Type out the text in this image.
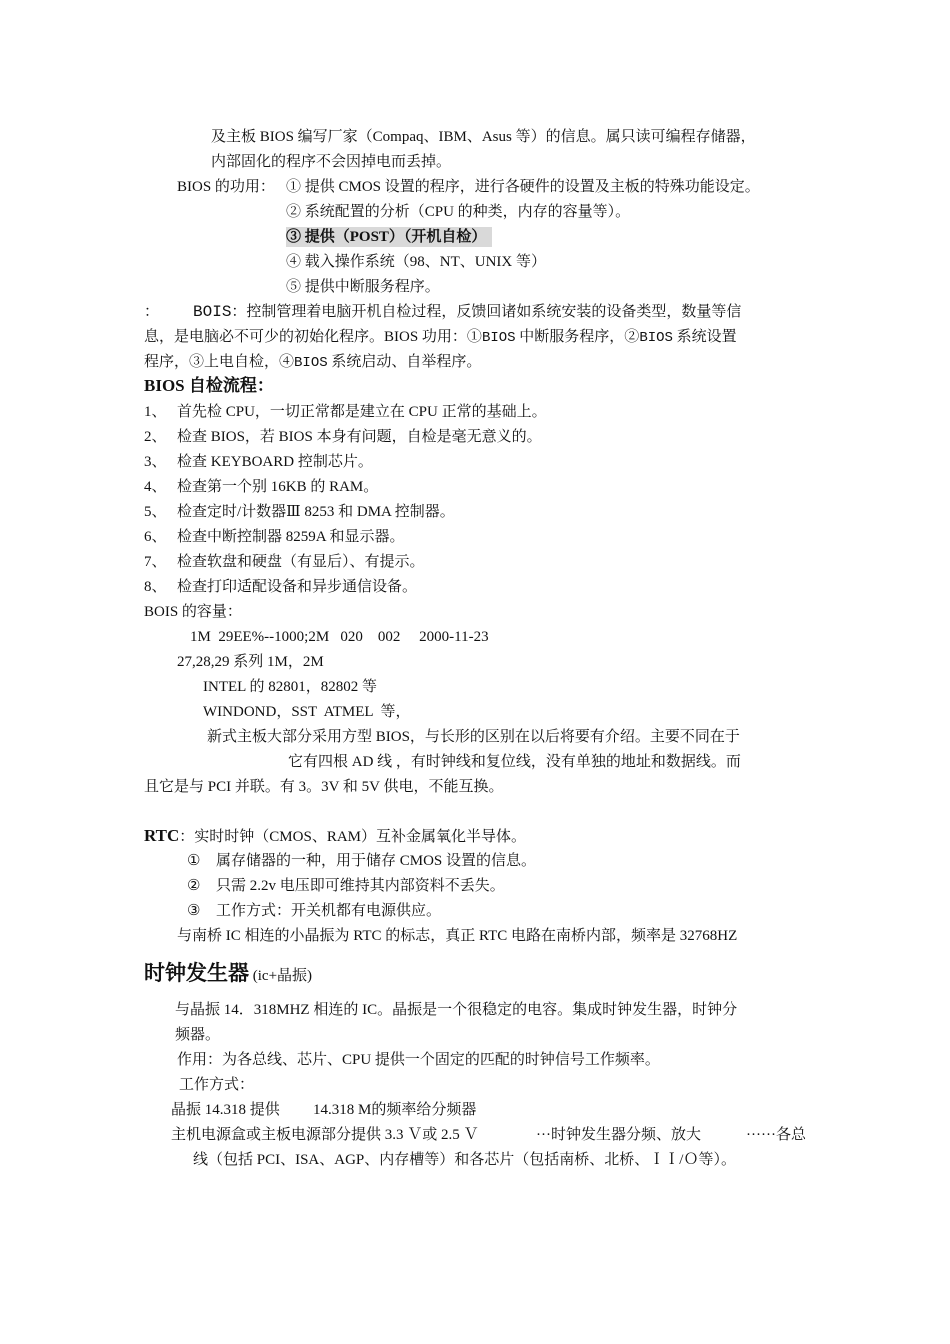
及主板 BIOS 编写厂家（Compaq、IBM、Asus 等）的信息。属只读可编程存储器，
内部固化的程序不会因掉电而丢掉。
BIOS 的功用： ① 提供 CMOS 设置的程序，进行各硬件的设置及主板的特殊功能设定。
② 系统配置的分析（CPU 的种类，内存的容量等）。
③ 提供（POST）（开机自检）
④ 载入操作系统（98、NT、UNIX 等）
⑤ 提供中断服务程序。
： BOIS：控制管理着电脑开机自检过程，反馈回诸如系统安装的设备类型，数量等信
息，是电脑必不可少的初始化程序。BIOS 功用：①BIOS 中断服务程序，②BIOS 系统设置
程序，③上电自检，④BIOS 系统启动、自举程序。
BIOS 自检流程：
1、 首先检 CPU，一切正常都是建立在 CPU 正常的基础上。
2、 检查 BIOS，若 BIOS 本身有问题，自检是毫无意义的。
3、 检查 KEYBOARD 控制芯片。
4、 检查第一个别 16KB 的 RAM。
5、 检查定时/计数器Ⅲ 8253 和 DMA 控制器。
6、 检查中断控制器 8259A 和显示器。
7、 检查软盘和硬盘（有显后）、有提示。
8、 检查打印适配设备和异步通信设备。
BOIS 的容量：
1M  29EE%--1000;2M   020    002     2000-11-23
27,28,29 系列 1M，2M
INTEL 的 82801，82802 等
WINDOND，SST  ATMEL  等，
新式主板大部分采用方型 BIOS，与长形的区别在以后将要有介绍。主要不同在于
它有四根 AD 线 ，有时钟线和复位线，没有单独的地址和数据线。而
且它是与 PCI 并联。有 3。3V 和 5V 供电，不能互换。
RTC：实时时钟（CMOS、RAM）互补金属氧化半导体。
① 属存储器的一种，用于储存 CMOS 设置的信息。
② 只需 2.2v 电压即可维持其内部资料不丢失。
③ 工作方式：开关机都有电源供应。
与南桥 IC 相连的小晶振为 RTC 的标志，真正 RTC 电路在南桥内部，频率是 32768HZ
时钟发生器 (ic+晶振)
与晶振 14．318MHZ 相连的 IC。晶振是一个很稳定的电容。集成时钟发生器，时钟分
频器。
作用：为各总线、芯片、CPU 提供一个固定的匹配的时钟信号工作频率。
工作方式：
晶振 14.318 提供 14.318 M的频率给分频器
主机电源盒或主板电源部分提供 3.3 Ｖ或 2.5 Ｖ	···时钟发生器分频、放大	······各总
线（包括 PCI、ISA、AGP、内存槽等）和各芯片（包括南桥、北桥、ＩＩ/Ｏ等）。
